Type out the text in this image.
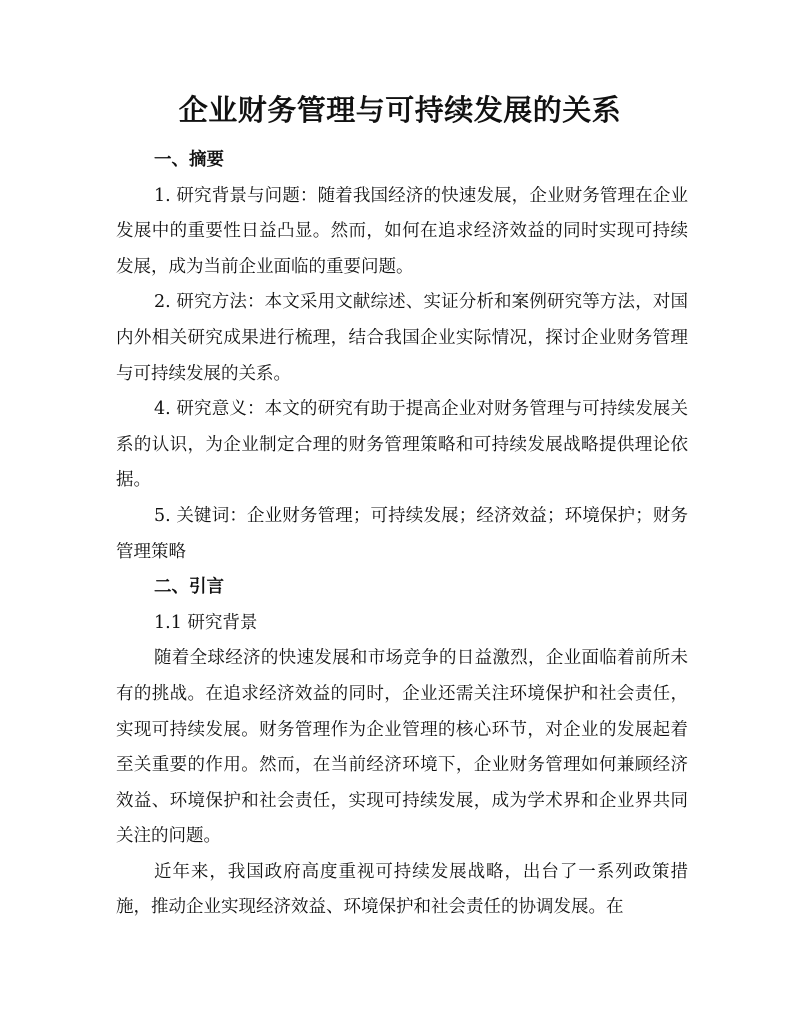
企业财务管理与可持续发展的关系

一、摘要

1. 研究背景与问题：随着我国经济的快速发展，企业财务管理在企业发展中的重要性日益凸显。然而，如何在追求经济效益的同时实现可持续发展，成为当前企业面临的重要问题。

2. 研究方法：本文采用文献综述、实证分析和案例研究等方法，对国内外相关研究成果进行梳理，结合我国企业实际情况，探讨企业财务管理与可持续发展的关系。

4. 研究意义：本文的研究有助于提高企业对财务管理与可持续发展关系的认识，为企业制定合理的财务管理策略和可持续发展战略提供理论依据。

5. 关键词：企业财务管理；可持续发展；经济效益；环境保护；财务管理策略

二、引言

1.1 研究背景

随着全球经济的快速发展和市场竞争的日益激烈，企业面临着前所未有的挑战。在追求经济效益的同时，企业还需关注环境保护和社会责任，实现可持续发展。财务管理作为企业管理的核心环节，对企业的发展起着至关重要的作用。然而，在当前经济环境下，企业财务管理如何兼顾经济效益、环境保护和社会责任，实现可持续发展，成为学术界和企业界共同关注的问题。

近年来，我国政府高度重视可持续发展战略，出台了一系列政策措施，推动企业实现经济效益、环境保护和社会责任的协调发展。在
